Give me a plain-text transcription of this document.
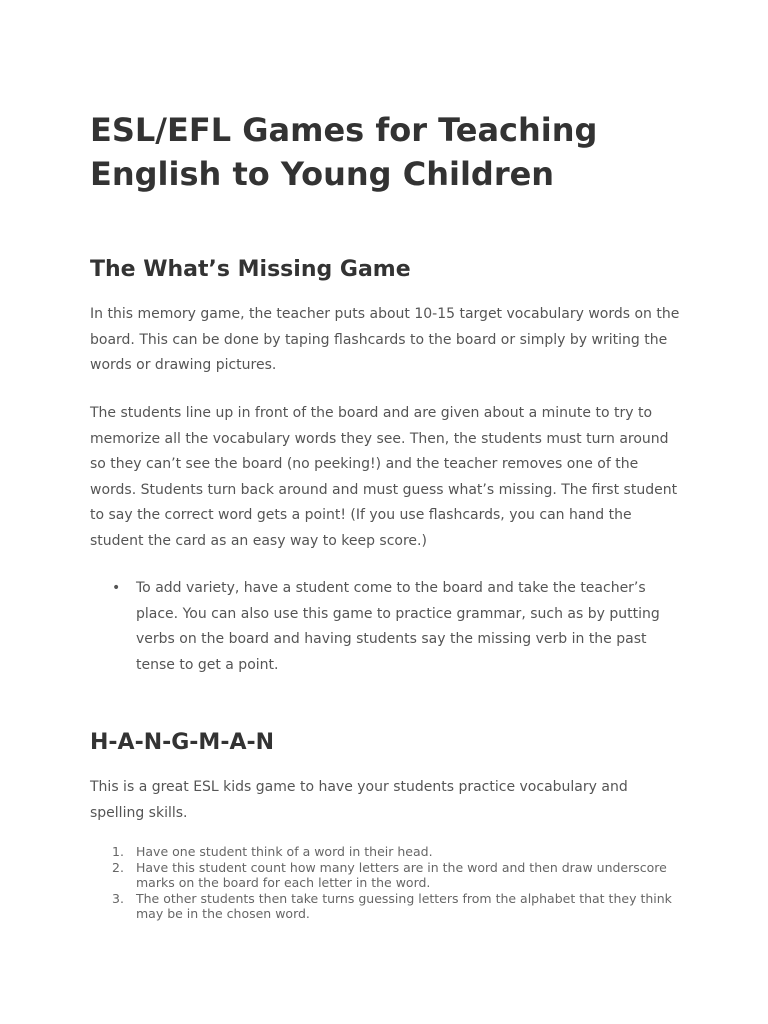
ESL/EFL Games for Teaching English to Young Children
The What’s Missing Game

In this memory game, the teacher puts about 10-15 target vocabulary words on the board. This can be done by taping flashcards to the board or simply by writing the words or drawing pictures.

The students line up in front of the board and are given about a minute to try to memorize all the vocabulary words they see. Then, the students must turn around so they can’t see the board (no peeking!) and the teacher removes one of the words. Students turn back around and must guess what’s missing. The first student to say the correct word gets a point! (If you use flashcards, you can hand the student the card as an easy way to keep score.)

• To add variety, have a student come to the board and take the teacher’s place. You can also use this game to practice grammar, such as by putting verbs on the board and having students say the missing verb in the past tense to get a point.
H-A-N-G-M-A-N

This is a great ESL kids game to have your students practice vocabulary and spelling skills.

1. Have one student think of a word in their head.
2. Have this student count how many letters are in the word and then draw underscore marks on the board for each letter in the word.
3. The other students then take turns guessing letters from the alphabet that they think may be in the chosen word.
